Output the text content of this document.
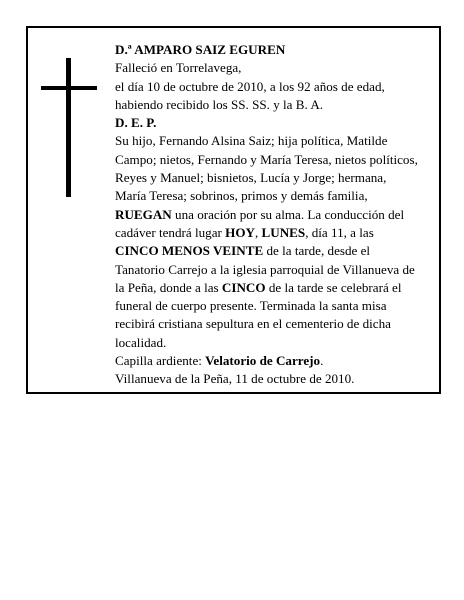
D.ª AMPARO SAIZ EGUREN

Falleció en Torrelavega,

el día 10 de octubre de 2010, a los 92 años de edad, habiendo recibido los SS. SS. y la B. A.

D. E. P.

Su hijo, Fernando Alsina Saiz; hija política, Matilde Campo; nietos, Fernando y María Teresa, nietos políticos, Reyes y Manuel; bisnietos, Lucía y Jorge; hermana, María Teresa; sobrinos, primos y demás familia,

RUEGAN una oración por su alma. La conducción del cadáver tendrá lugar HOY, LUNES, día 11, a las CINCO MENOS VEINTE de la tarde, desde el Tanatorio Carrejo a la iglesia parroquial de Villanueva de la Peña, donde a las CINCO de la tarde se celebrará el funeral de cuerpo presente. Terminada la santa misa recibirá cristiana sepultura en el cementerio de dicha localidad.

Capilla ardiente: Velatorio de Carrejo.

Villanueva de la Peña, 11 de octubre de 2010.
